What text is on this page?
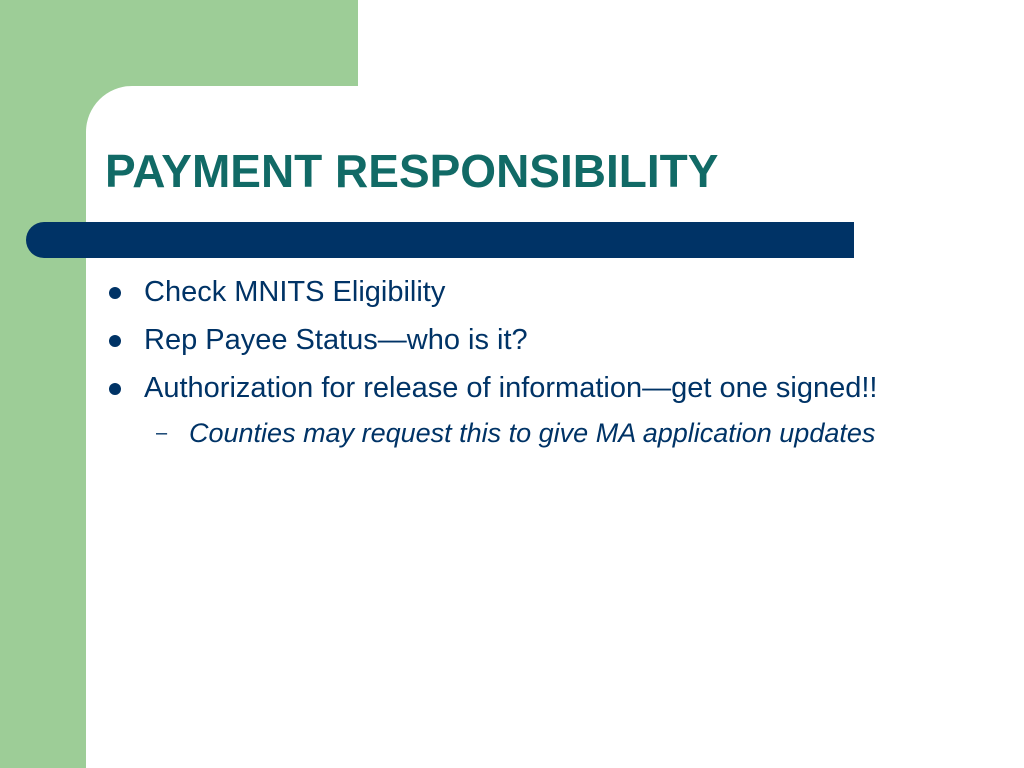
PAYMENT RESPONSIBILITY
Check MNITS Eligibility
Rep Payee Status—who is it?
Authorization for release of information—get one signed!!
– Counties may request this to give MA application updates
